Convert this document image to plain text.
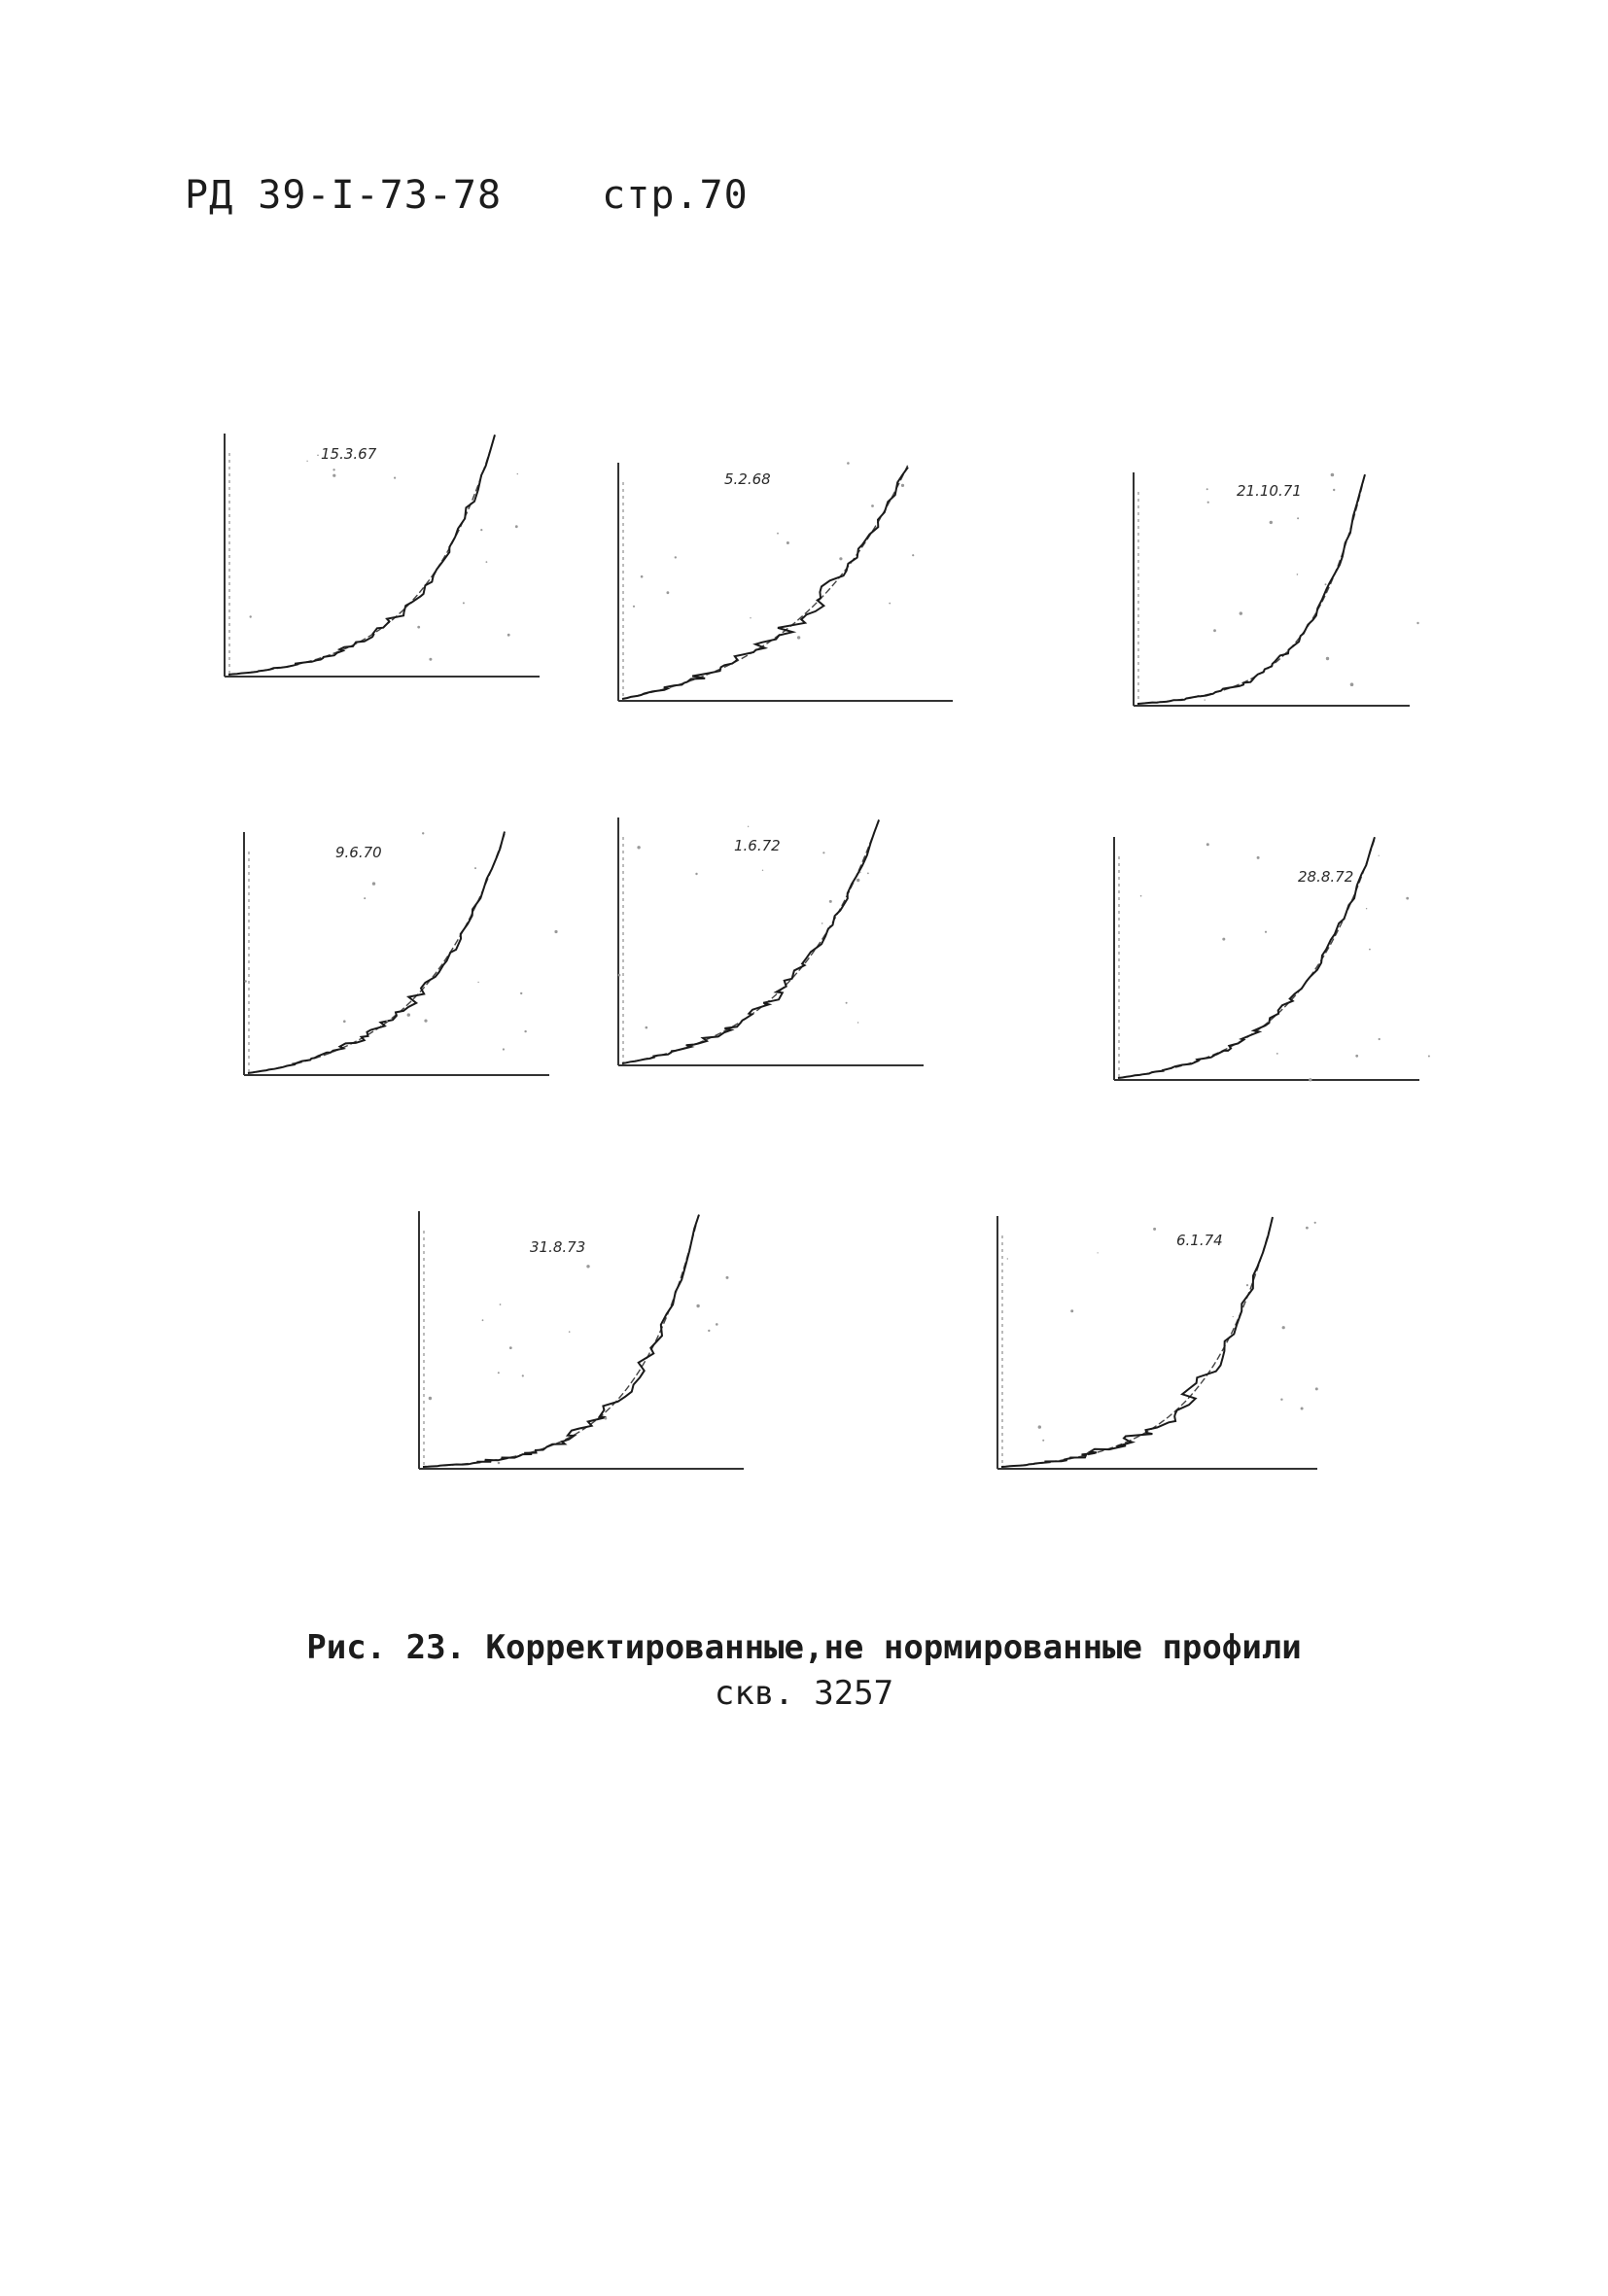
РД 39-I-73-78	стр.70
15.3.67
5.2.68
21.10.71
9.6.70	1.6.72
28.8.72
31.8.73	6.1.74
Рис. 23. Корректированные,не нормированные профили
скв. 3257
